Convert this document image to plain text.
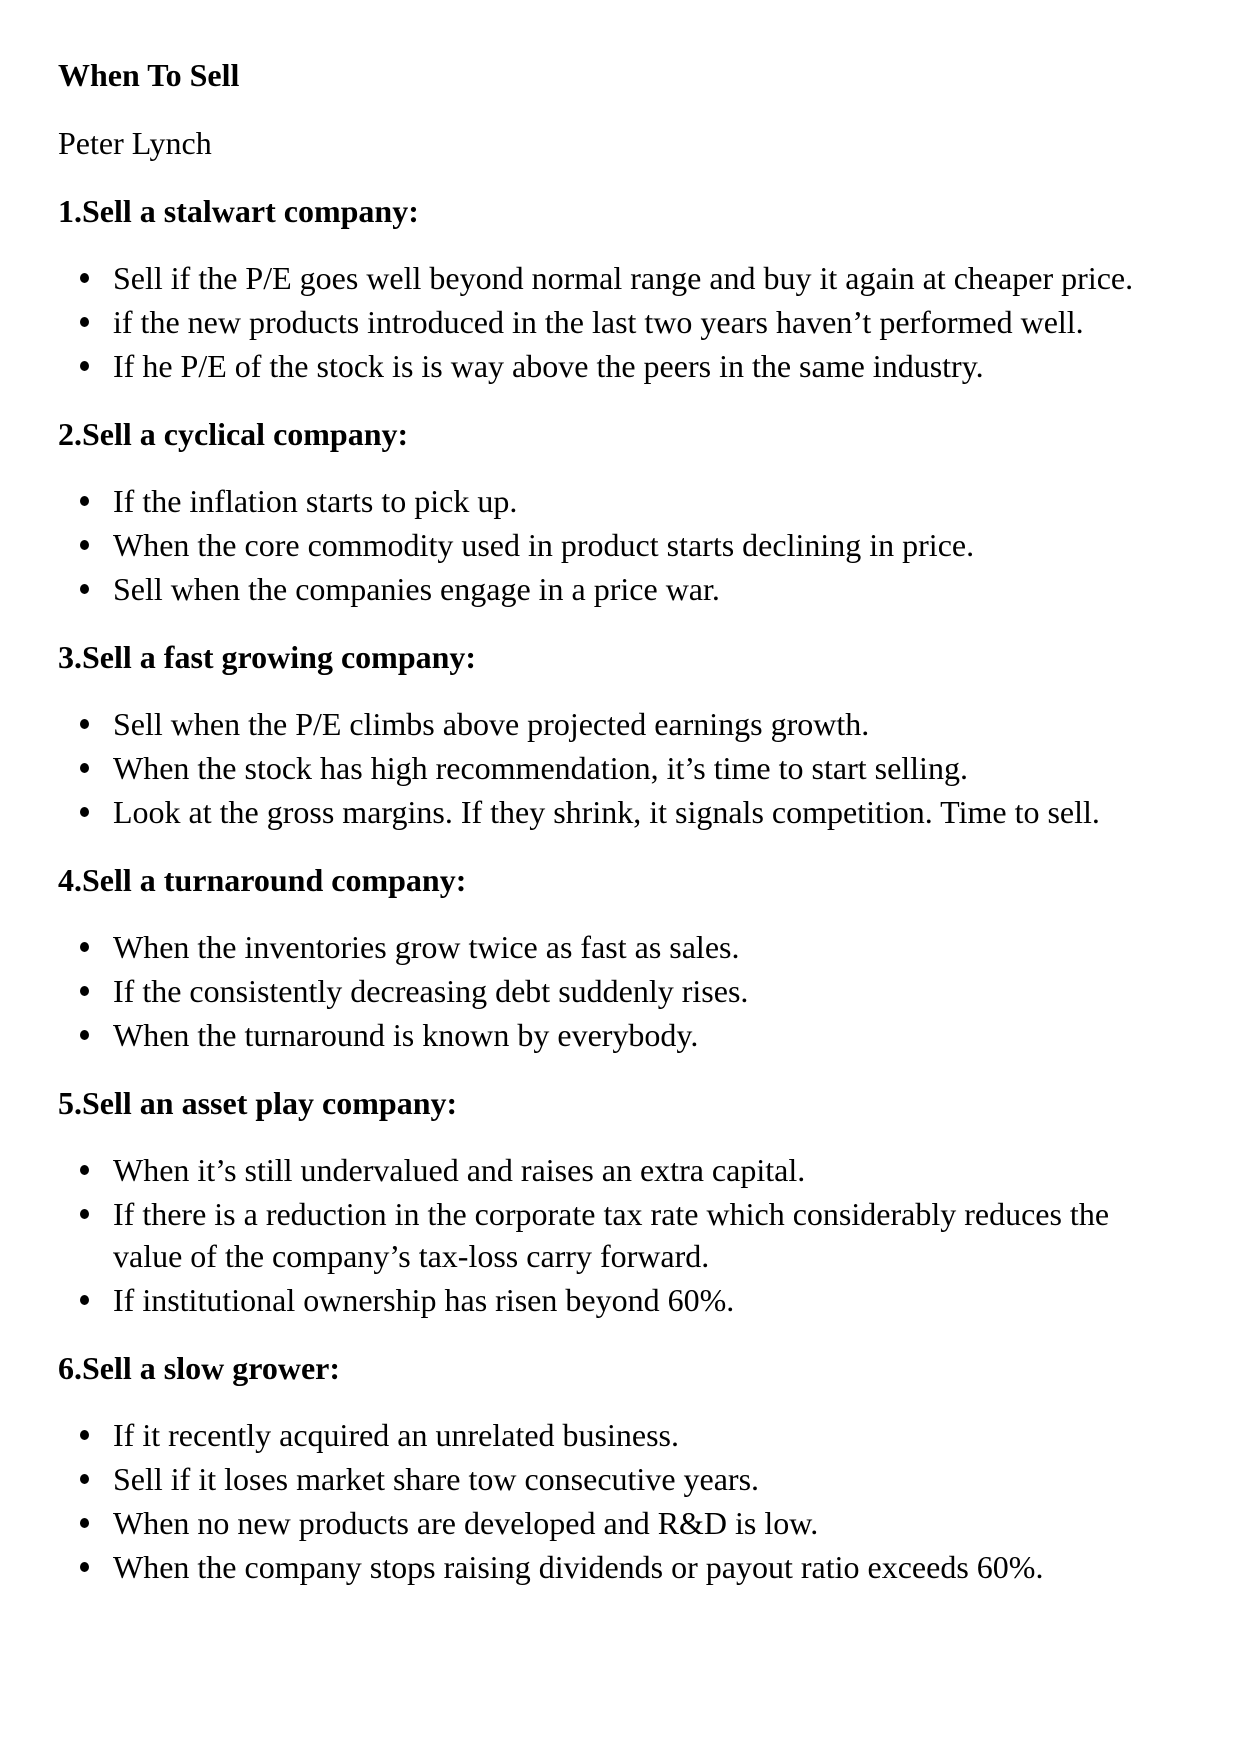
When To Sell

Peter Lynch

1.Sell a stalwart company:
Sell if the P/E goes well beyond normal range and buy it again at cheaper price.
if the new products introduced in the last two years haven’t performed well.
If he P/E of the stock is is way above the peers in the same industry.
2.Sell a cyclical company:
If the inflation starts to pick up.
When the core commodity used in product starts declining in price.
Sell when the companies engage in a price war.
3.Sell a fast growing company:
Sell when the P/E climbs above projected earnings growth.
When the stock has high recommendation, it’s time to start selling.
Look at the gross margins. If they shrink, it signals competition. Time to sell.
4.Sell a turnaround company:
When the inventories grow twice as fast as sales.
If the consistently decreasing debt suddenly rises.
When the turnaround is known by everybody.
5.Sell an asset play company:
When it’s still undervalued and raises an extra capital.
If there is a reduction in the corporate tax rate which considerably reduces the value of the company’s tax-loss carry forward.
If institutional ownership has risen beyond 60%.
6.Sell a slow grower:
If it recently acquired an unrelated business.
Sell if it loses market share tow consecutive years.
When no new products are developed and R&D is low.
When the company stops raising dividends or payout ratio exceeds 60%.
